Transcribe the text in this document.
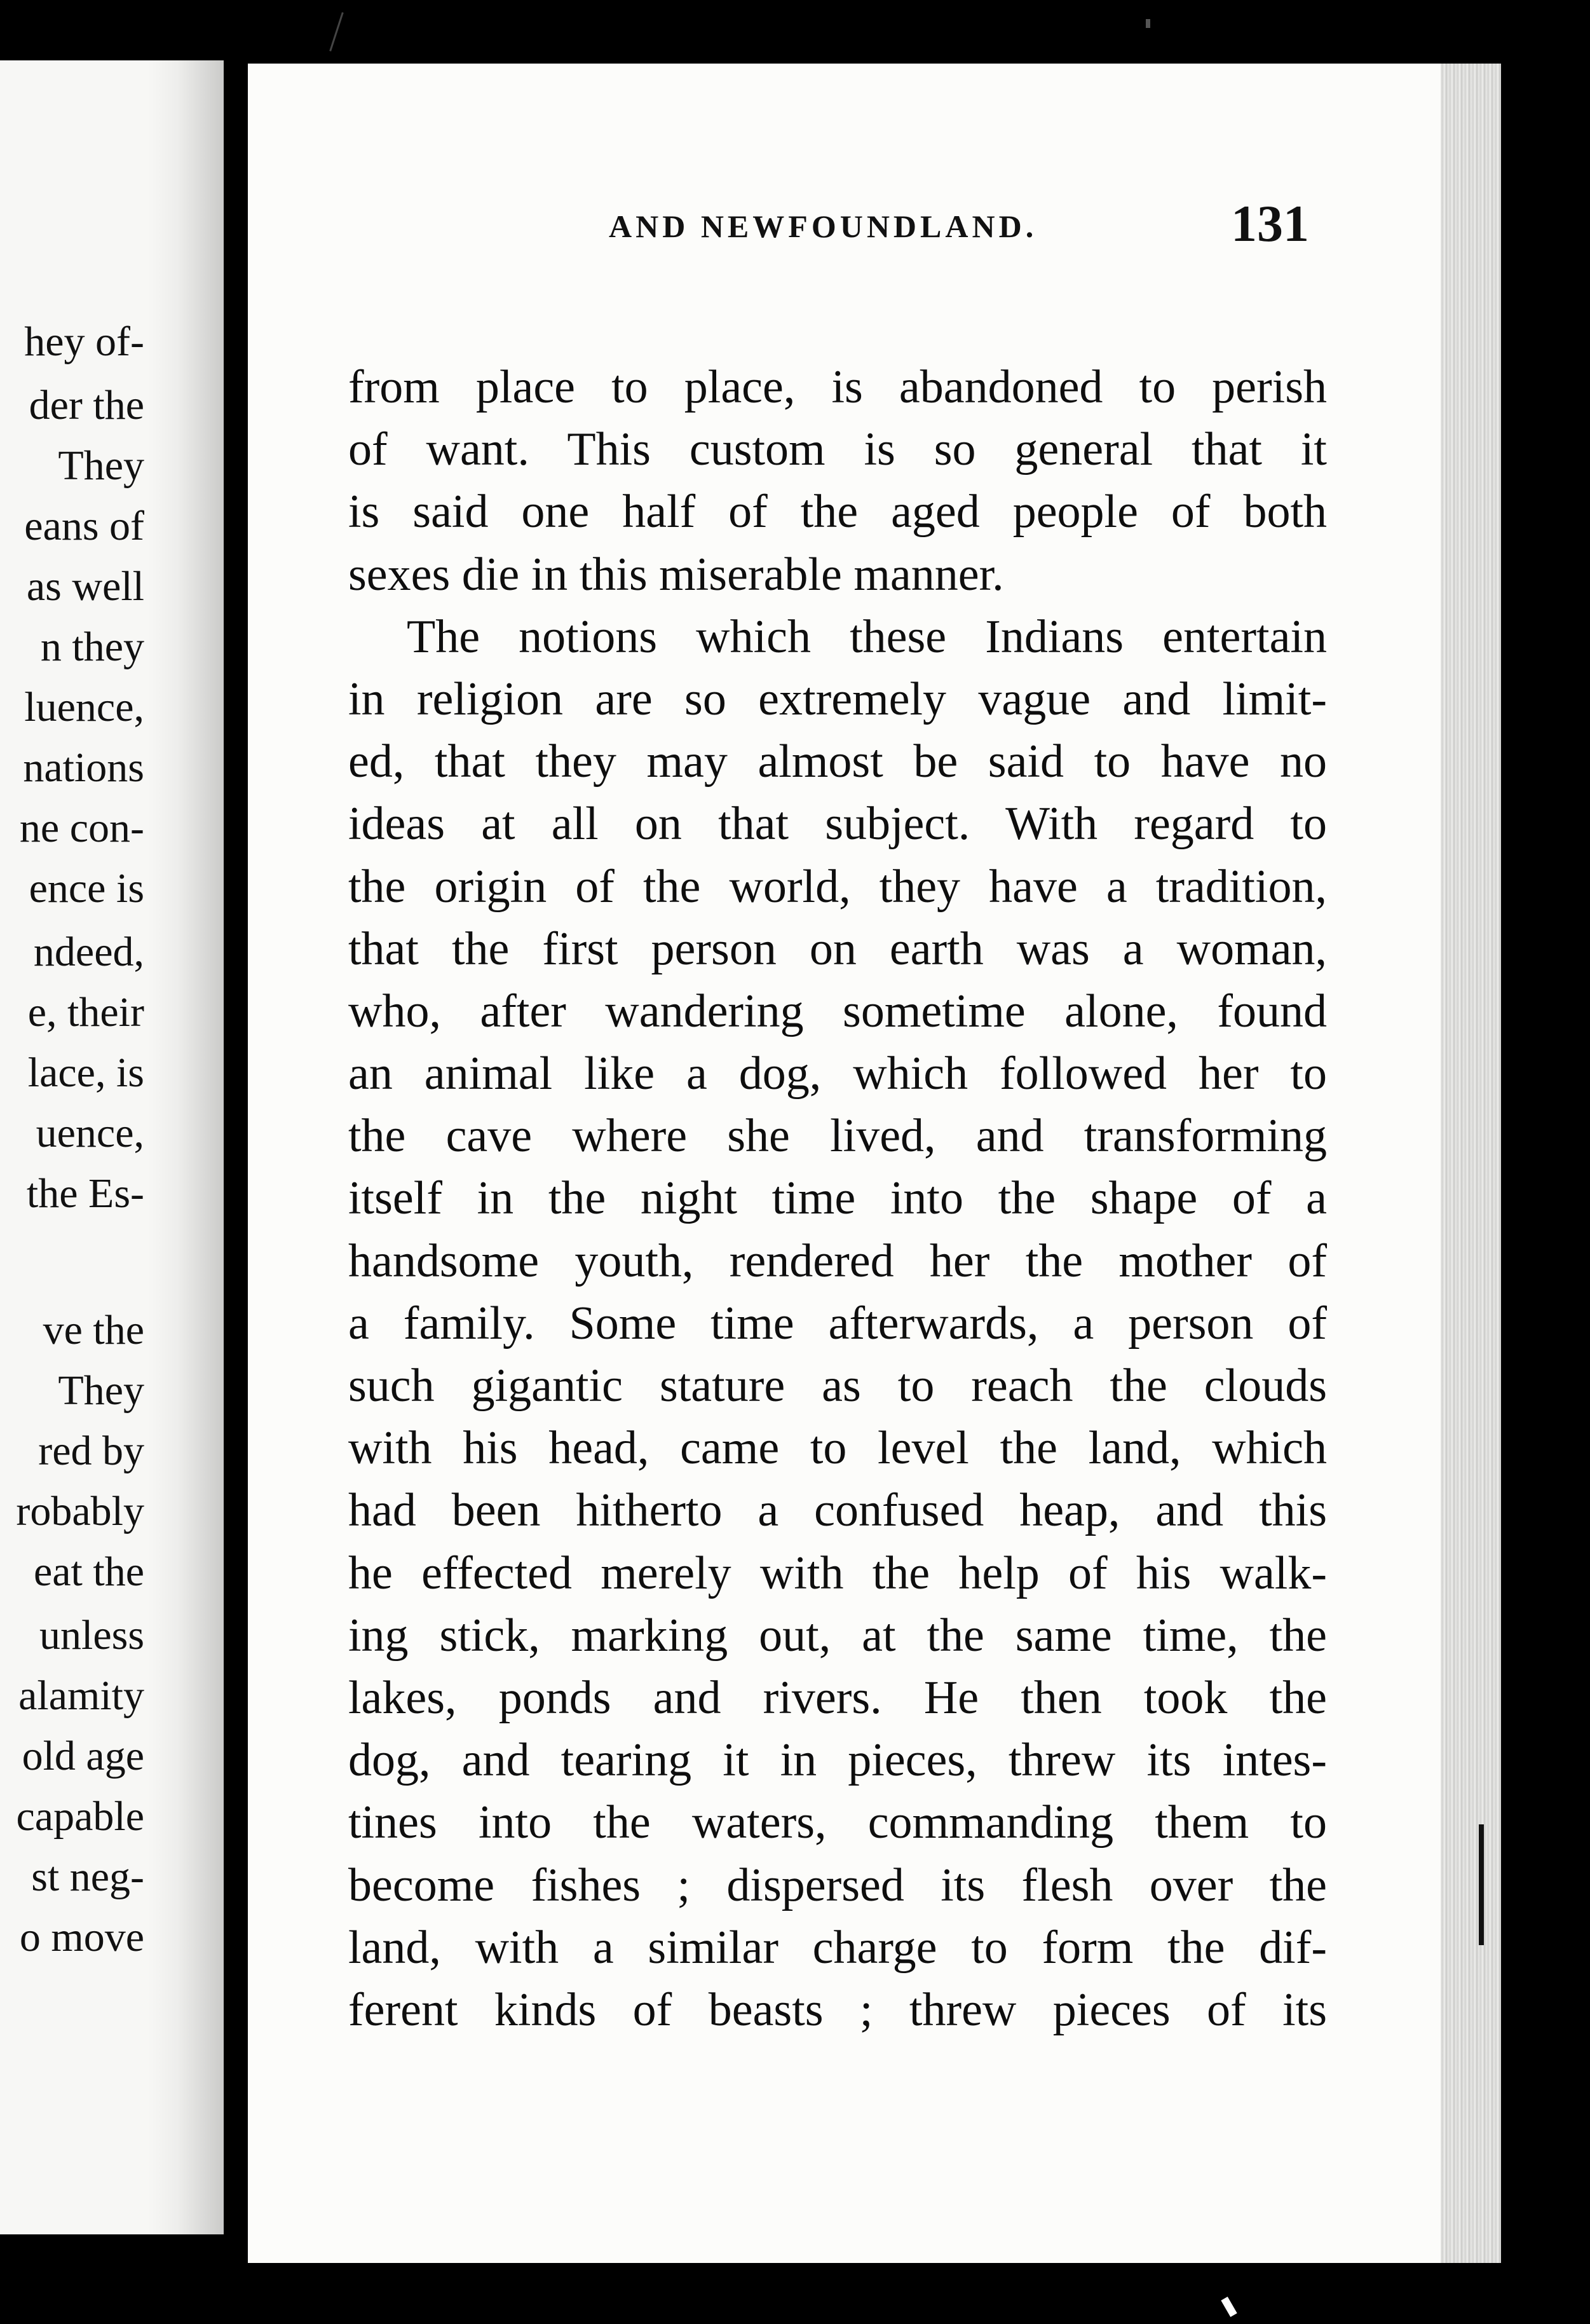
hey of-
der the
They
eans of
as well
n they
luence,
nations
ne con-
ence is
ndeed,
e, their
lace, is
uence,
the Es-
ve the
They
red by
robably
eat the
unless
alamity
old age
capable
st neg-
o move
AND NEWFOUNDLAND.	131
from place to place, is abandoned to perish
of want. This custom is so general that it
is said one half of the aged people of both
sexes die in this miserable manner.
The notions which these Indians entertain
in religion are so extremely vague and limit-
ed, that they may almost be said to have no
ideas at all on that subject. With regard to
the origin of the world, they have a tradition,
that the first person on earth was a woman,
who, after wandering sometime alone, found
an animal like a dog, which followed her to
the cave where she lived, and transforming
itself in the night time into the shape of a
handsome youth, rendered her the mother of
a family. Some time afterwards, a person of
such gigantic stature as to reach the clouds
with his head, came to level the land, which
had been hitherto a confused heap, and this
he effected merely with the help of his walk-
ing stick, marking out, at the same time, the
lakes, ponds and rivers. He then took the
dog, and tearing it in pieces, threw its intes-
tines into the waters, commanding them to
become fishes ; dispersed its flesh over the
land, with a similar charge to form the dif-
ferent kinds of beasts ; threw pieces of its
